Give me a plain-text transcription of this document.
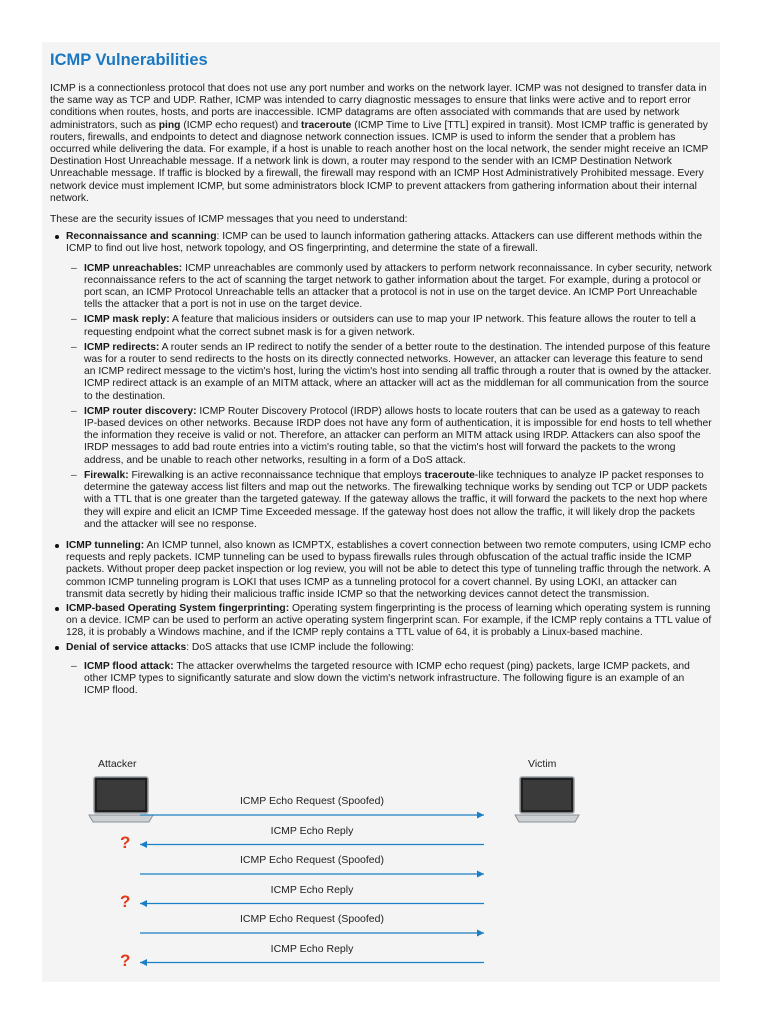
ICMP Vulnerabilities

ICMP is a connectionless protocol that does not use any port number and works on the network layer. ICMP was not designed to transfer data in the same way as TCP and UDP. Rather, ICMP was intended to carry diagnostic messages to ensure that links were active and to report error conditions when routes, hosts, and ports are inaccessible. ICMP datagrams are often associated with commands that are used by network administrators, such as ping (ICMP echo request) and traceroute (ICMP Time to Live [TTL] expired in transit). Most ICMP traffic is generated by routers, firewalls, and endpoints to detect and diagnose network connection issues. ICMP is used to inform the sender that a problem has occurred while delivering the data. For example, if a host is unable to reach another host on the local network, the sender might receive an ICMP Destination Host Unreachable message. If a network link is down, a router may respond to the sender with an ICMP Destination Network Unreachable message. If traffic is blocked by a firewall, the firewall may respond with an ICMP Host Administratively Prohibited message. Every network device must implement ICMP, but some administrators block ICMP to prevent attackers from gathering information about their internal network.

These are the security issues of ICMP messages that you need to understand:

Reconnaissance and scanning: ICMP can be used to launch information gathering attacks. Attackers can use different methods within the ICMP to find out live host, network topology, and OS fingerprinting, and determine the state of a firewall.
– ICMP unreachables: ICMP unreachables are commonly used by attackers to perform network reconnaissance. In cyber security, network reconnaissance refers to the act of scanning the target network to gather information about the target. For example, during a protocol or port scan, an ICMP Protocol Unreachable tells an attacker that a protocol is not in use on the target device. An ICMP Port Unreachable tells the attacker that a port is not in use on the target device.
– ICMP mask reply: A feature that malicious insiders or outsiders can use to map your IP network. This feature allows the router to tell a requesting endpoint what the correct subnet mask is for a given network.
– ICMP redirects: A router sends an IP redirect to notify the sender of a better route to the destination. The intended purpose of this feature was for a router to send redirects to the hosts on its directly connected networks. However, an attacker can leverage this feature to send an ICMP redirect message to the victim's host, luring the victim's host into sending all traffic through a router that is owned by the attacker. ICMP redirect attack is an example of an MITM attack, where an attacker will act as the middleman for all communication from the source to the destination.
– ICMP router discovery: ICMP Router Discovery Protocol (IRDP) allows hosts to locate routers that can be used as a gateway to reach IP-based devices on other networks. Because IRDP does not have any form of authentication, it is impossible for end hosts to tell whether the information they receive is valid or not. Therefore, an attacker can perform an MITM attack using IRDP. Attackers can also spoof the IRDP messages to add bad route entries into a victim's routing table, so that the victim's host will forward the packets to the wrong address, and be unable to reach other networks, resulting in a form of a DoS attack.
– Firewalk: Firewalking is an active reconnaissance technique that employs traceroute-like techniques to analyze IP packet responses to determine the gateway access list filters and map out the networks. The firewalking technique works by sending out TCP or UDP packets with a TTL that is one greater than the targeted gateway. If the gateway allows the traffic, it will forward the packets to the next hop where they will expire and elicit an ICMP Time Exceeded message. If the gateway host does not allow the traffic, it will likely drop the packets and the attacker will see no response.
ICMP tunneling: An ICMP tunnel, also known as ICMPTX, establishes a covert connection between two remote computers, using ICMP echo requests and reply packets. ICMP tunneling can be used to bypass firewalls rules through obfuscation of the actual traffic inside the ICMP packets. Without proper deep packet inspection or log review, you will not be able to detect this type of tunneling traffic through the network. A common ICMP tunneling program is LOKI that uses ICMP as a tunneling protocol for a covert channel. By using LOKI, an attacker can transmit data secretly by hiding their malicious traffic inside ICMP so that the networking devices cannot detect the transmission.
ICMP-based Operating System fingerprinting: Operating system fingerprinting is the process of learning which operating system is running on a device. ICMP can be used to perform an active operating system fingerprint scan. For example, if the ICMP reply contains a TTL value of 128, it is probably a Windows machine, and if the ICMP reply contains a TTL value of 64, it is probably a Linux-based machine.
Denial of service attacks: DoS attacks that use ICMP include the following:
– ICMP flood attack: The attacker overwhelms the targeted resource with ICMP echo request (ping) packets, large ICMP packets, and other ICMP types to significantly saturate and slow down the victim's network infrastructure. The following figure is an example of an ICMP flood.
Attacker	Victim
ICMP Echo Request (Spoofed)
ICMP Echo Reply
?
ICMP Echo Request (Spoofed)
ICMP Echo Reply
?
ICMP Echo Request (Spoofed)
ICMP Echo Reply
?
